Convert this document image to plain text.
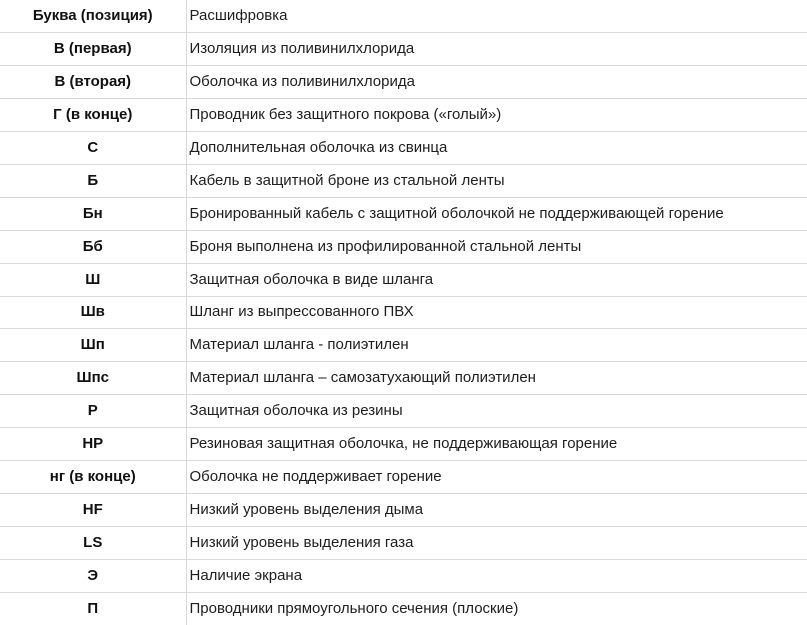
Буква (позиция)	Расшифровка
В (первая)	Изоляция из поливинилхлорида
В (вторая)	Оболочка из поливинилхлорида
Г (в конце)	Проводник без защитного покрова («голый»)
С	Дополнительная оболочка из свинца
Б	Кабель в защитной броне из стальной ленты
Бн	Бронированный кабель с защитной оболочкой не поддерживающей горение
Бб	Броня выполнена из профилированной стальной ленты
Ш	Защитная оболочка в виде шланга
Шв	Шланг из выпрессованного ПВХ
Шп	Материал шланга - полиэтилен
Шпс	Материал шланга – самозатухающий полиэтилен
Р	Защитная оболочка из резины
НР	Резиновая защитная оболочка, не поддерживающая горение
нг (в конце)	Оболочка не поддерживает горение
HF	Низкий уровень выделения дыма
LS	Низкий уровень выделения газа
Э	Наличие экрана
П	Проводники прямоугольного сечения (плоские)
